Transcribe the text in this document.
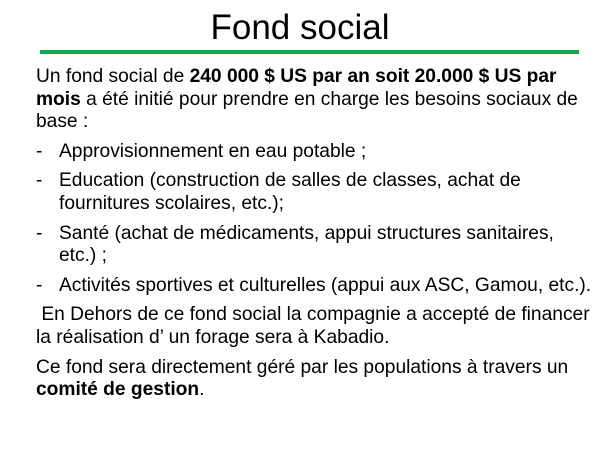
Fond social

Un fond social de 240 000 $ US par an soit 20.000 $ US par mois a été initié pour prendre en charge les besoins sociaux de base :

- Approvisionnement en eau potable ;
- Education (construction de salles de classes, achat de fournitures scolaires, etc.);
- Santé (achat de médicaments, appui structures sanitaires, etc.) ;
- Activités sportives et culturelles (appui aux ASC, Gamou, etc.).

En Dehors de ce fond social la compagnie a accepté de financer la réalisation d’ un forage sera à Kabadio.

Ce fond sera directement géré par les populations à travers un comité de gestion.
